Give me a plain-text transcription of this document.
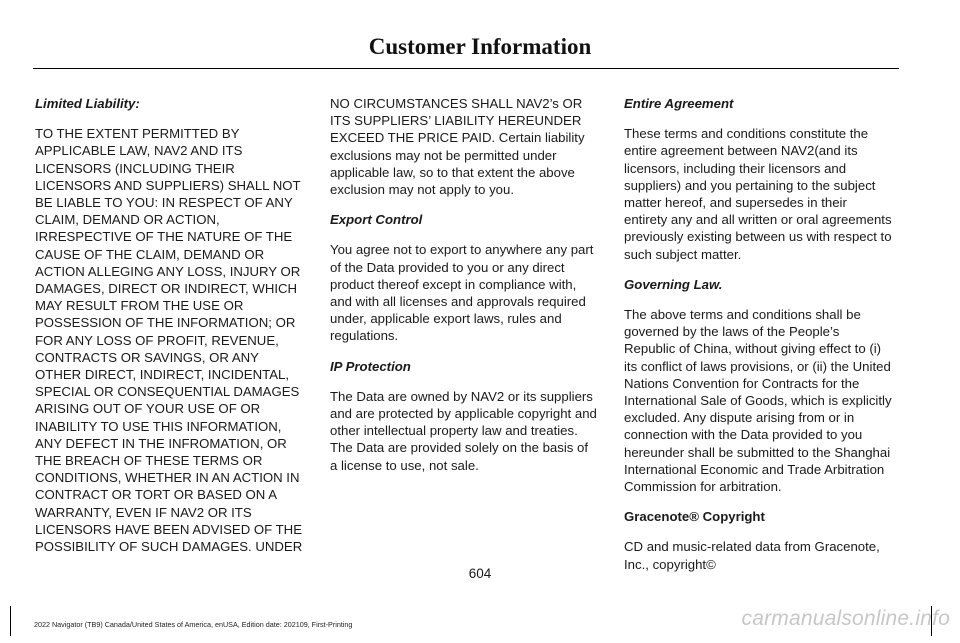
Customer Information

Limited Liability:

TO THE EXTENT PERMITTED BY APPLICABLE LAW, NAV2 AND ITS LICENSORS (INCLUDING THEIR LICENSORS AND SUPPLIERS) SHALL NOT BE LIABLE TO YOU: IN RESPECT OF ANY CLAIM, DEMAND OR ACTION, IRRESPECTIVE OF THE NATURE OF THE CAUSE OF THE CLAIM, DEMAND OR ACTION ALLEGING ANY LOSS, INJURY OR DAMAGES, DIRECT OR INDIRECT, WHICH MAY RESULT FROM THE USE OR POSSESSION OF THE INFORMATION; OR FOR ANY LOSS OF PROFIT, REVENUE, CONTRACTS OR SAVINGS, OR ANY OTHER DIRECT, INDIRECT, INCIDENTAL, SPECIAL OR CONSEQUENTIAL DAMAGES ARISING OUT OF YOUR USE OF OR INABILITY TO USE THIS INFORMATION, ANY DEFECT IN THE INFROMATION, OR THE BREACH OF THESE TERMS OR CONDITIONS, WHETHER IN AN ACTION IN CONTRACT OR TORT OR BASED ON A WARRANTY, EVEN IF NAV2 OR ITS LICENSORS HAVE BEEN ADVISED OF THE POSSIBILITY OF SUCH DAMAGES. UNDER

NO CIRCUMSTANCES SHALL NAV2’s OR ITS SUPPLIERS’ LIABILITY HEREUNDER EXCEED THE PRICE PAID. Certain liability exclusions may not be permitted under applicable law, so to that extent the above exclusion may not apply to you.

Export Control

You agree not to export to anywhere any part of the Data provided to you or any direct product thereof except in compliance with, and with all licenses and approvals required under, applicable export laws, rules and regulations.

IP Protection

The Data are owned by NAV2 or its suppliers and are protected by applicable copyright and other intellectual property law and treaties. The Data are provided solely on the basis of a license to use, not sale.

Entire Agreement

These terms and conditions constitute the entire agreement between NAV2(and its licensors, including their licensors and suppliers) and you pertaining to the subject matter hereof, and supersedes in their entirety any and all written or oral agreements previously existing between us with respect to such subject matter.

Governing Law.

The above terms and conditions shall be governed by the laws of the People’s Republic of China, without giving effect to (i) its conflict of laws provisions, or (ii) the United Nations Convention for Contracts for the International Sale of Goods, which is explicitly excluded. Any dispute arising from or in connection with the Data provided to you hereunder shall be submitted to the Shanghai International Economic and Trade Arbitration Commission for arbitration.

Gracenote® Copyright

CD and music-related data from Gracenote, Inc., copyright©

604
2022 Navigator (TB9) Canada/United States of America, enUSA, Edition date: 202109, First-Printing	carmanualsonline.info
